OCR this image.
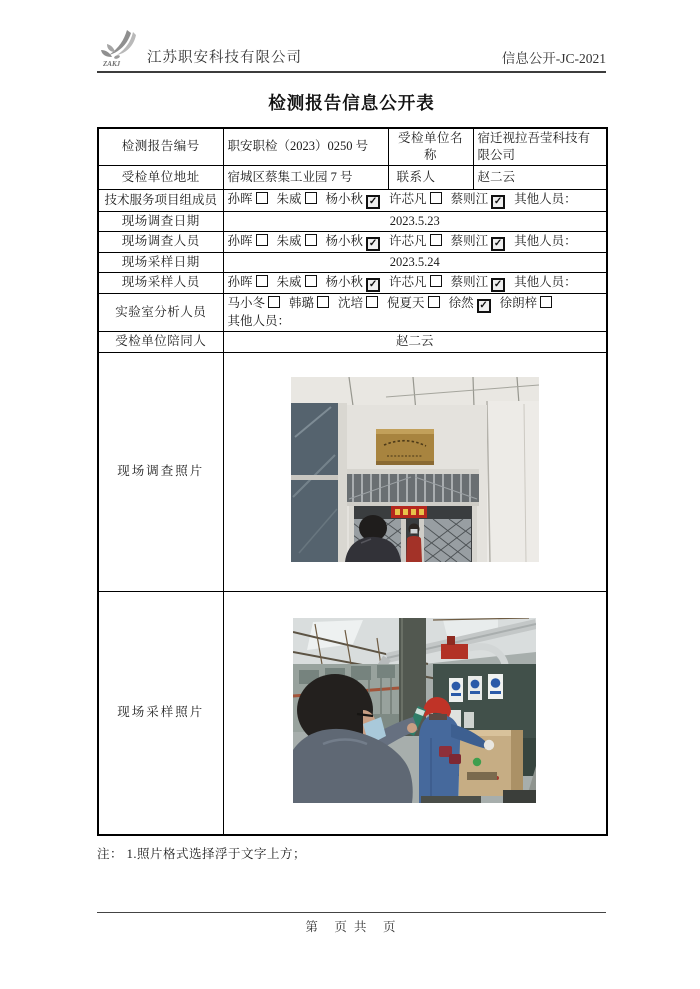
ZAKJ 江苏职安科技有限公司	信息公开-JC-2021
检测报告信息公开表
检测报告编号	职安职检（2023）0250 号	受检单位名称	宿迁视拉吾莹科技有限公司
受检单位地址	宿城区蔡集工业园 7 号	联系人	赵二云
技术服务项目组成员	孙晖 朱威 杨小秋 ✓ 许芯凡 蔡则江 ✓ 其他人员：		
现场调查日期	2023.5.23		
现场调查人员	孙晖 朱威 杨小秋 ✓ 许芯凡 蔡则江 ✓ 其他人员：		
现场采样日期	2023.5.24		
现场采样人员	孙晖 朱威 杨小秋 ✓ 许芯凡 蔡则江 ✓ 其他人员：		
实验室分析人员	马小冬 韩璐 沈培 倪夏天 徐然 ✓ 徐朗梓
其他人员：		

受检单位陪同人	赵二云		
现场调查照片	
现场采样照片	
注： 1.照片格式选择浮于文字上方；
第　页 共　页
